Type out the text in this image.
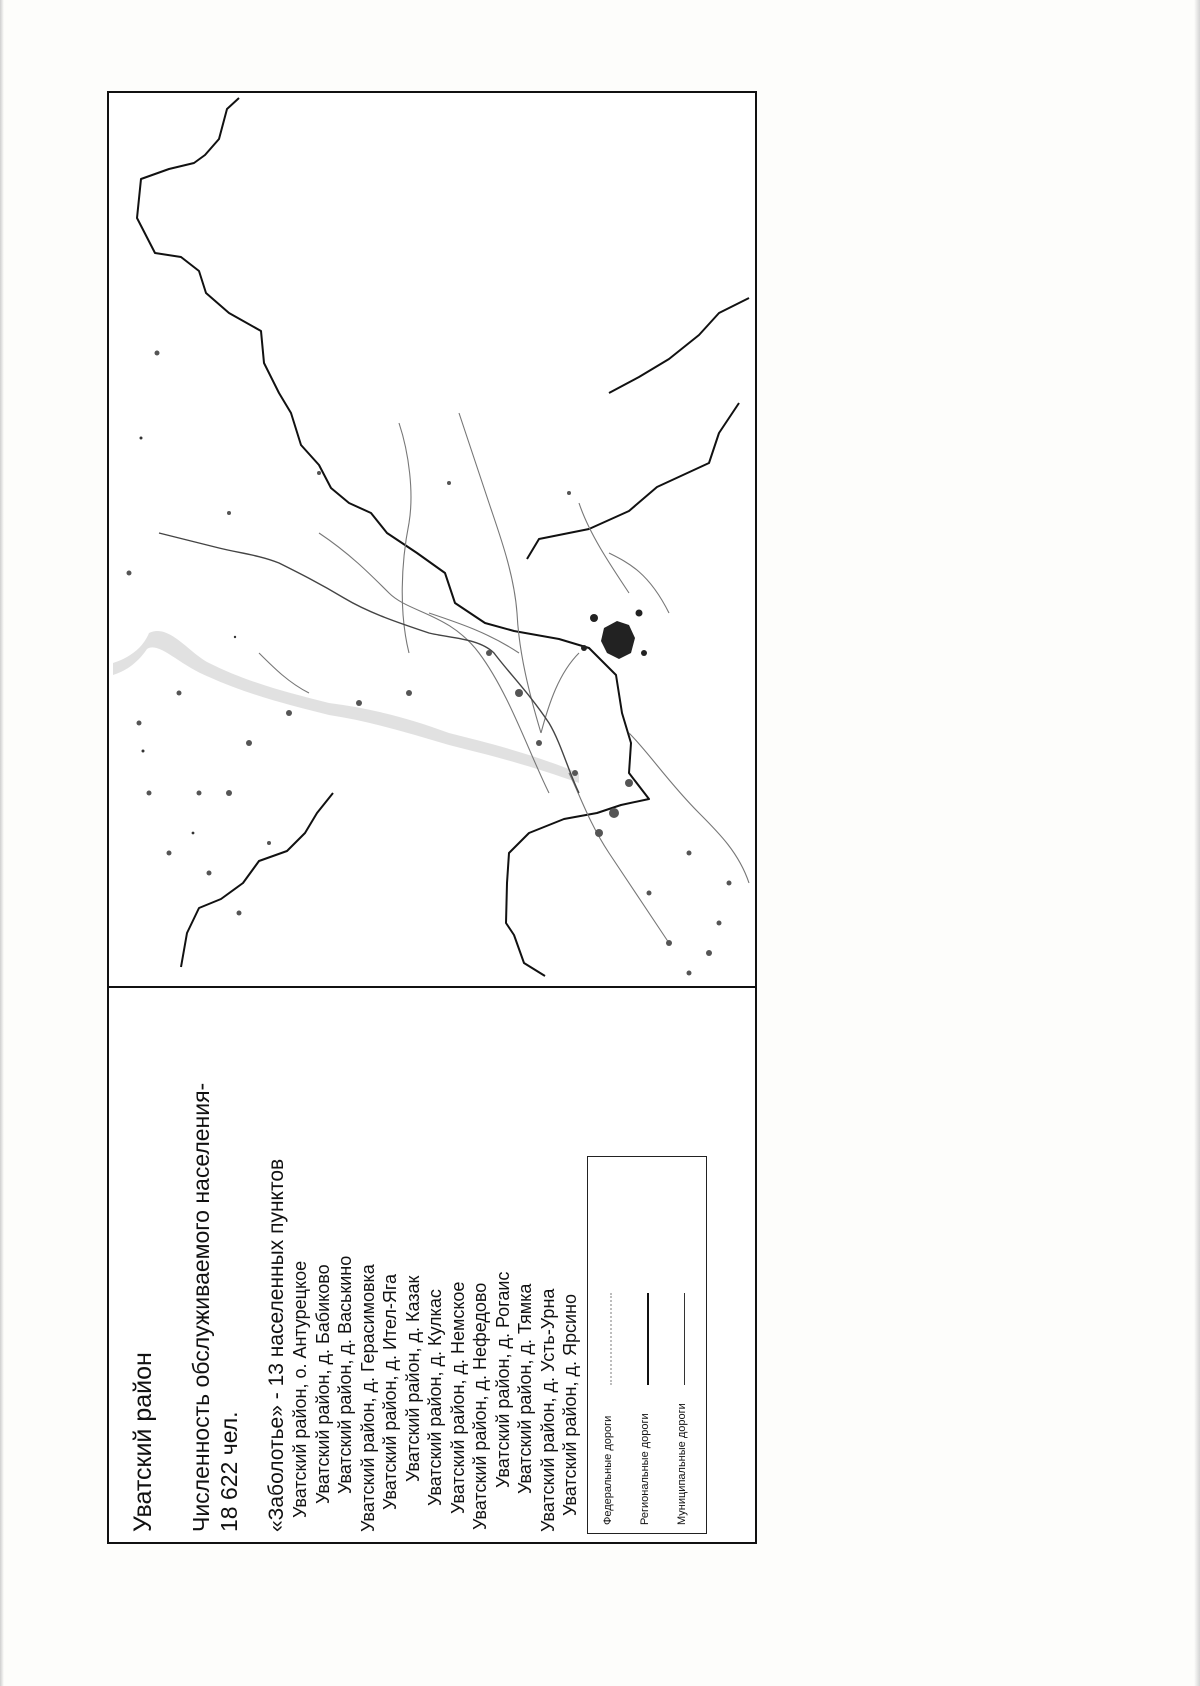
Уватский район Численность обслуживаемого населения- 18 622 чел. «Заболотье» - 13 населенных пунктов Уватский район, о. Антурецкое Уватский район, д. Бабиково Уватский район, д. Васькино Уватский район, д. Герасимовка Уватский район, д. Ител-Яга Уватский район, д. Казак Уватский район, д. Кулкас Уватский район, д. Немское Уватский район, д. Нефедово Уватский район, д. Рогаис Уватский район, д. Тямка Уватский район, д. Усть-Урна Уватский район, д. Ярсино Федеральные дороги Региональные дороги Муниципальные дороги
